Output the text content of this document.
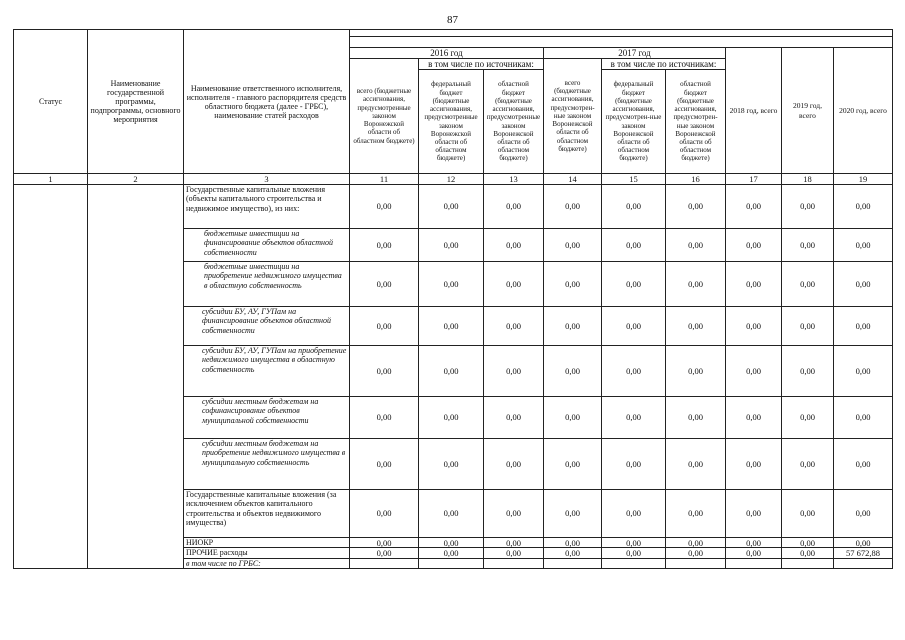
87
Статус	Наименование государственной программы, подпрограммы, основного мероприятия	Наименование ответственного исполнителя, исполнителя - главного распорядителя средств областного бюджета (далее - ГРБС), наименование статей расходов									

			2016 год			2017 год			2018 год, всего	2019 год, всего	2020 год, всего
			всего (бюджетные ассигнования, предусмотренные законом Воронежской области об областном бюджете)	в том числе по источникам:		всего (бюджетные ассигнования, предусмотрен-ные законом Воронежской области об областном бюджете)	в том числе по источникам:				
				федеральный бюджет (бюджетные ассигнования, предусмотренные законом Воронежской области об областном бюджете)	областной бюджет (бюджетные ассигнования, предусмотренные законом Воронежской области об областном бюджете)		федеральный бюджет (бюджетные ассигнования, предусмотрен-ные законом Воронежской области об областном бюджете)	областной бюджет (бюджетные ассигнования, предусмотрен-ные законом Воронежской области об областном бюджете)			
1	2	3	11	12	13	14	15	16	17	18	19
		Государственные капитальные вложения (объекты капитального строительства и недвижимое имущество), из них:	0,00	0,00	0,00	0,00	0,00	0,00	0,00	0,00	0,00
		бюджетные инвестиции на финансирование объектов областной собственности	0,00	0,00	0,00	0,00	0,00	0,00	0,00	0,00	0,00
		бюджетные инвестиции на приобретение недвижимого имущества в областную собственность	0,00	0,00	0,00	0,00	0,00	0,00	0,00	0,00	0,00
		субсидии БУ, АУ, ГУПам на финансирование объектов областной собственности	0,00	0,00	0,00	0,00	0,00	0,00	0,00	0,00	0,00
		субсидии БУ, АУ, ГУПам на приобретение недвижимого имущества в областную собственность	0,00	0,00	0,00	0,00	0,00	0,00	0,00	0,00	0,00
		субсидии местным бюджетам на софинансирование объектов муниципальной собственности	0,00	0,00	0,00	0,00	0,00	0,00	0,00	0,00	0,00
		субсидии местным бюджетам на приобретение недвижимого имущества в муниципальную собственность	0,00	0,00	0,00	0,00	0,00	0,00	0,00	0,00	0,00
		Государственные капитальные вложения (за исключением объектов капитального строительства и объектов недвижимого имущества)	0,00	0,00	0,00	0,00	0,00	0,00	0,00	0,00	0,00
		НИОКР	0,00	0,00	0,00	0,00	0,00	0,00	0,00	0,00	0,00
		ПРОЧИЕ расходы	0,00	0,00	0,00	0,00	0,00	0,00	0,00	0,00	57 672,88
		в том числе по ГРБС:									
